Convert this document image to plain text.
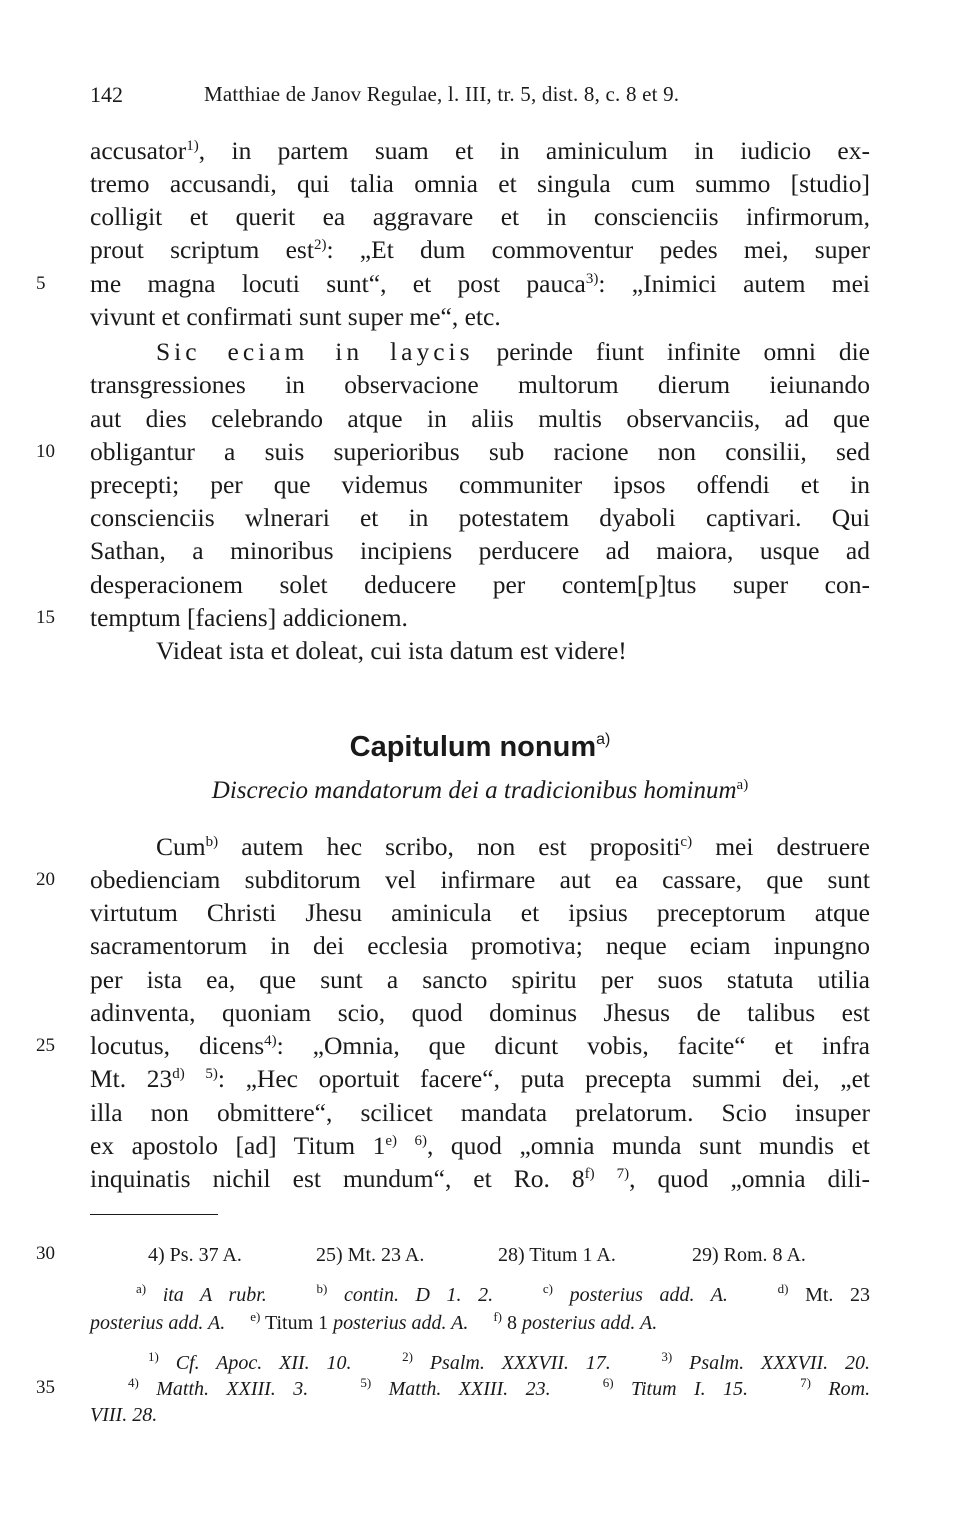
142	Matthiae de Janov Regulae, l. III, tr. 5, dist. 8, c. 8 et 9.
5
10
15
20
25
30
35
accusator$^{1)}$, in partem suam et in aminiculum in iudicio ex-
tremo accusandi, qui talia omnia et singula cum summo [studio]
colligit et querit ea aggravare et in conscienciis infirmorum,
prout scriptum est$^{2)}$: „Et dum commoventur pedes mei, super
me magna locuti sunt“, et post pauca$^{3)}$: „Inimici autem mei
vivunt et confirmati sunt super me“, etc.
Sic eciam in laycis perinde fiunt infinite omni die
transgressiones in observacione multorum dierum ieiunando
aut dies celebrando atque in aliis multis observanciis, ad que
obligantur a suis superioribus sub racione non consilii, sed
precepti; per que videmus communiter ipsos offendi et in
conscienciis wlnerari et in potestatem dyaboli captivari. Qui
Sathan, a minoribus incipiens perducere ad maiora, usque ad
desperacionem solet deducere per contem[p]tus super con-
temptum [faciens] addicionem.
Videat ista et doleat, cui ista datum est videre!
Capitulum nonum$^{a)}$
Discrecio mandatorum dei a tradicionibus hominum$^{a)}$
Cum$^{b)}$ autem hec scribo, non est propositi$^{c)}$ mei destruere
obedienciam subditorum vel infirmare aut ea cassare, que sunt
virtutum Christi Jhesu aminicula et ipsius preceptorum atque
sacramentorum in dei ecclesia promotiva; neque eciam inpungno
per ista ea, que sunt a sancto spiritu per suos statuta utilia
adinventa, quoniam scio, quod dominus Jhesus de talibus est
locutus, dicens$^{4)}$: „Omnia, que dicunt vobis, facite“ et infra
Mt. 23$^{d)}$ $^{5)}$: „Hec oportuit facere“, puta precepta summi dei, „et
illa non obmittere“, scilicet mandata prelatorum. Scio insuper
ex apostolo [ad] Titum 1$^{e)}$ $^{6)}$, quod „omnia munda sunt mundis et
inquinatis nichil est mundum“, et Ro. 8$^{f)}$ $^{7)}$, quod „omnia dili-
4) Ps. 37 A.	25) Mt. 23 A.	28) Titum 1 A.	29) Rom. 8 A.
$^{a)}$ ita A rubr.	$^{b)}$ contin. D 1. 2.	$^{c)}$ posterius add. A.	$^{d)}$ Mt. 23
posterius add. A. $^{e)}$ Titum 1 posterius add. A. $^{f)}$ 8 posterius add. A.
$^{1)}$ Cf. Apoc. XII. 10.	$^{2)}$ Psalm. XXXVII. 17.	$^{3)}$ Psalm. XXXVII. 20.
$^{4)}$ Matth. XXIII. 3.	$^{5)}$ Matth. XXIII. 23.	$^{6)}$ Titum I. 15.	$^{7)}$ Rom.
VIII. 28.
